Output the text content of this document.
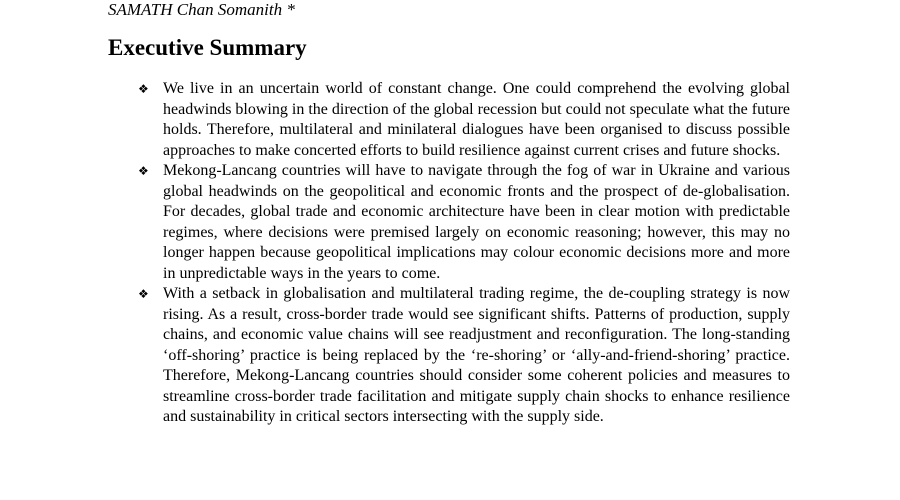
SAMATH Chan Somanith *

Executive Summary
❖ We live in an uncertain world of constant change. One could comprehend the evolving global headwinds blowing in the direction of the global recession but could not speculate what the future holds. Therefore, multilateral and minilateral dialogues have been organised to discuss possible approaches to make concerted efforts to build resilience against current crises and future shocks.
❖ Mekong-Lancang countries will have to navigate through the fog of war in Ukraine and various global headwinds on the geopolitical and economic fronts and the prospect of de-globalisation. For decades, global trade and economic architecture have been in clear motion with predictable regimes, where decisions were premised largely on economic reasoning; however, this may no longer happen because geopolitical implications may colour economic decisions more and more in unpredictable ways in the years to come.
❖ With a setback in globalisation and multilateral trading regime, the de-coupling strategy is now rising. As a result, cross-border trade would see significant shifts. Patterns of production, supply chains, and economic value chains will see readjustment and reconfiguration. The long-standing ‘off-shoring’ practice is being replaced by the ‘re-shoring’ or ‘ally-and-friend-shoring’ practice. Therefore, Mekong-Lancang countries should consider some coherent policies and measures to streamline cross-border trade facilitation and mitigate supply chain shocks to enhance resilience and sustainability in critical sectors intersecting with the supply side.
